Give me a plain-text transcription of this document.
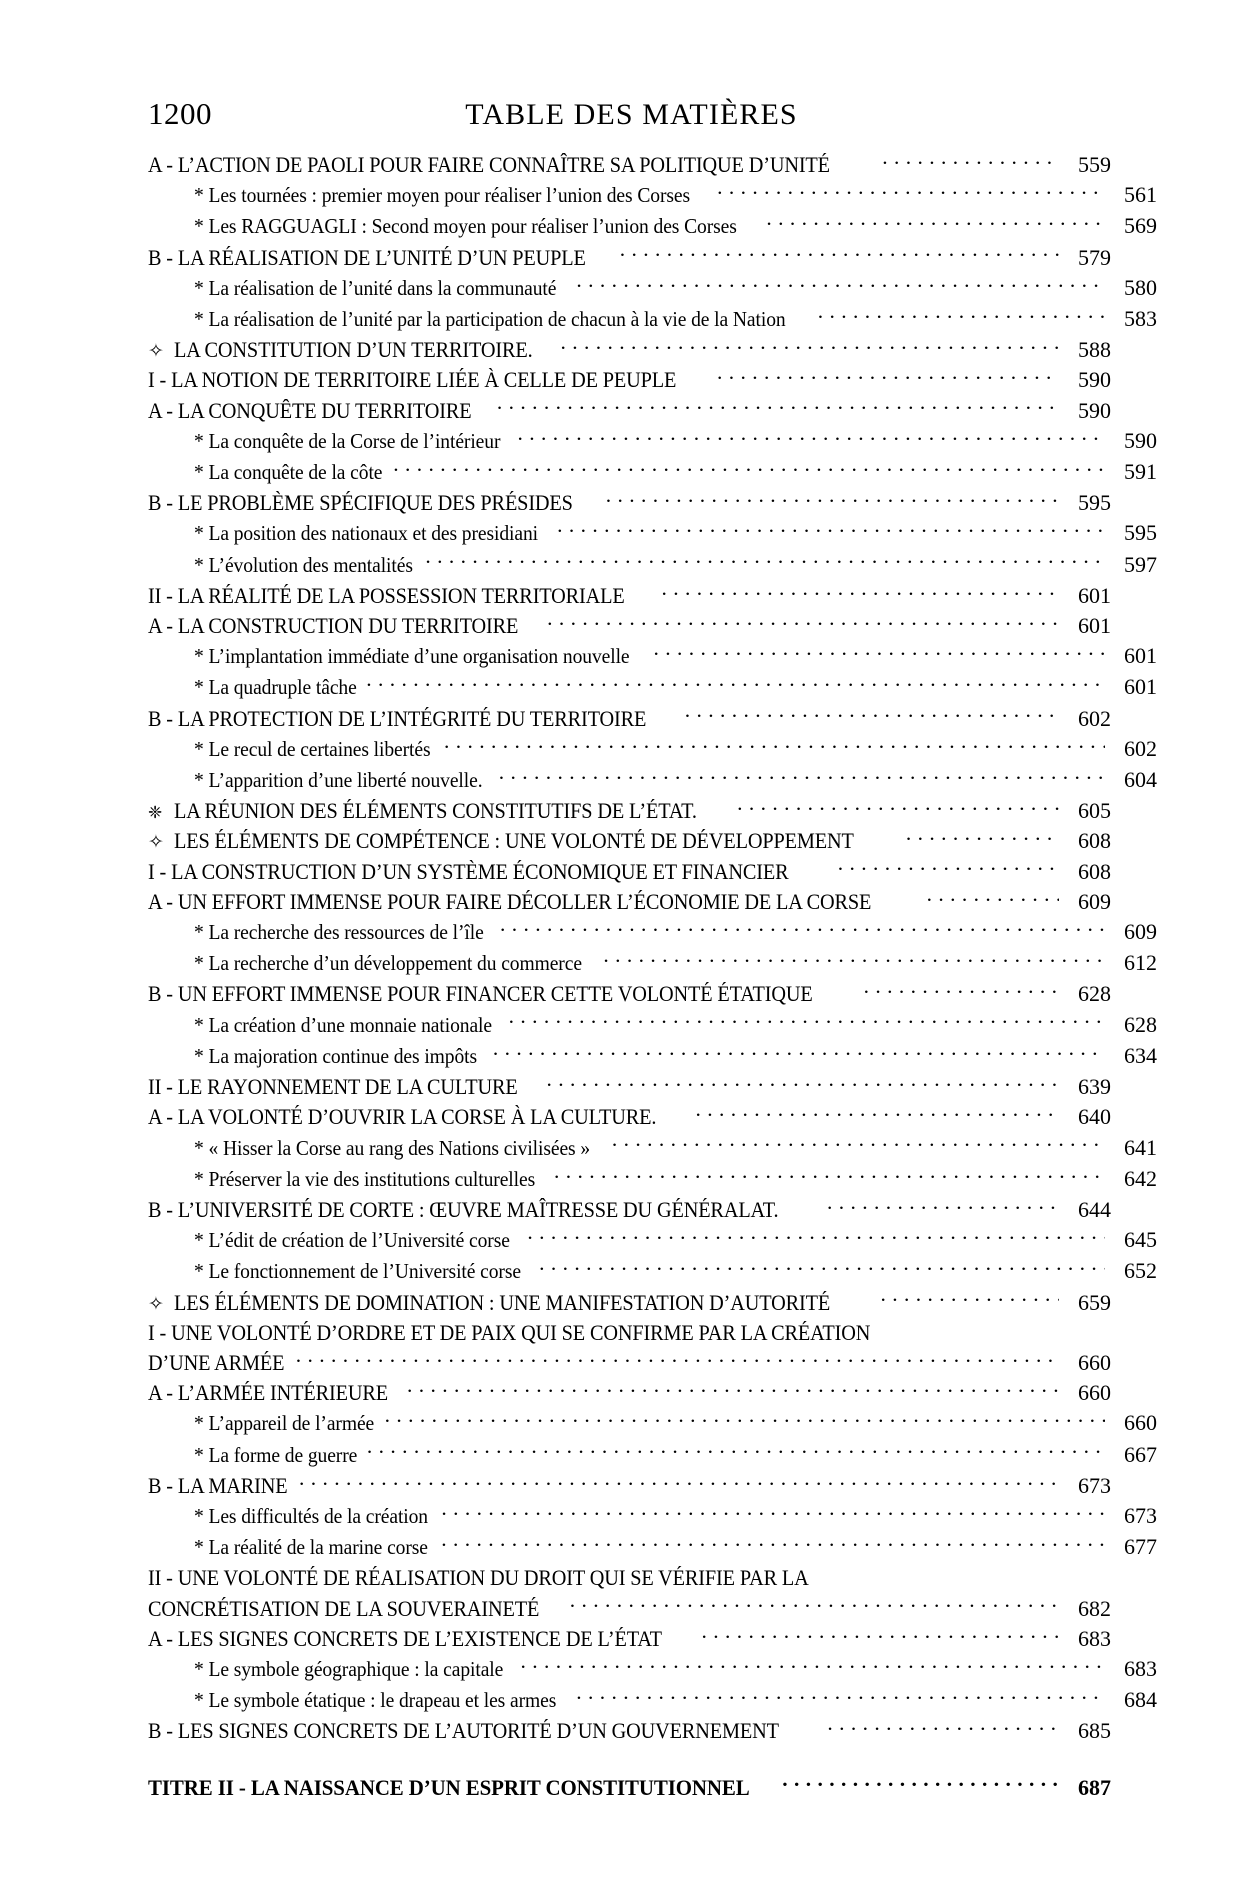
1200	TABLE DES MATIÈRES
A - L’ACTION DE PAOLI POUR FAIRE CONNAÎTRE SA POLITIQUE D’UNITÉ . . .	559
* Les tournées : premier moyen pour réaliser l’union des Corses . . .	561
* Les RAGGUAGLI : Second moyen pour réaliser l’union des Corses . . .	569
B - LA RÉALISATION DE L’UNITÉ D’UN PEUPLE . . .	579
* La réalisation de l’unité dans la communauté . . .	580
* La réalisation de l’unité par la participation de chacun à la vie de la Nation . . .	583
✧ LA CONSTITUTION D’UN TERRITOIRE. . . .	588
I - LA NOTION DE TERRITOIRE LIÉE À CELLE DE PEUPLE . . .	590
A - LA CONQUÊTE DU TERRITOIRE . . .	590
* La conquête de la Corse de l’intérieur . . .	590
* La conquête de la côte . . .	591
B - LE PROBLÈME SPÉCIFIQUE DES PRÉSIDES . . .	595
* La position des nationaux et des presidiani . . .	595
* L’évolution des mentalités . . .	597
II - LA RÉALITÉ DE LA POSSESSION TERRITORIALE . . .	601
A - LA CONSTRUCTION DU TERRITOIRE . . .	601
* L’implantation immédiate d’une organisation nouvelle . . .	601
* La quadruple tâche . . .	601
B - LA PROTECTION DE L’INTÉGRITÉ DU TERRITOIRE . . .	602
* Le recul de certaines libertés . . .	602
* L’apparition d’une liberté nouvelle. . . .	604
❈ LA RÉUNION DES ÉLÉMENTS CONSTITUTIFS DE L’ÉTAT. . . .	605
✧ LES ÉLÉMENTS DE COMPÉTENCE : UNE VOLONTÉ DE DÉVELOPPEMENT . . .	608
I - LA CONSTRUCTION D’UN SYSTÈME ÉCONOMIQUE ET FINANCIER . . .	608
A - UN EFFORT IMMENSE POUR FAIRE DÉCOLLER L’ÉCONOMIE DE LA CORSE . . .	609
* La recherche des ressources de l’île . . .	609
* La recherche d’un développement du commerce . . .	612
B - UN EFFORT IMMENSE POUR FINANCER CETTE VOLONTÉ ÉTATIQUE . . .	628
* La création d’une monnaie nationale . . .	628
* La majoration continue des impôts . . .	634
II - LE RAYONNEMENT DE LA CULTURE . . .	639
A - LA VOLONTÉ D’OUVRIR LA CORSE À LA CULTURE. . . .	640
* « Hisser la Corse au rang des Nations civilisées » . . .	641
* Préserver la vie des institutions culturelles . . .	642
B - L’UNIVERSITÉ DE CORTE : ŒUVRE MAÎTRESSE DU GÉNÉRALAT. . . .	644
* L’édit de création de l’Université corse . . .	645
* Le fonctionnement de l’Université corse . . .	652
✧ LES ÉLÉMENTS DE DOMINATION : UNE MANIFESTATION D’AUTORITÉ . . .	659
I - UNE VOLONTÉ D’ORDRE ET DE PAIX QUI SE CONFIRME PAR LA CRÉATION
D’UNE ARMÉE . . .	660
A - L’ARMÉE INTÉRIEURE . . .	660
* L’appareil de l’armée . . .	660
* La forme de guerre . . .	667
B - LA MARINE . . .	673
* Les difficultés de la création . . .	673
* La réalité de la marine corse . . .	677
II - UNE VOLONTÉ DE RÉALISATION DU DROIT QUI SE VÉRIFIE PAR LA
CONCRÉTISATION DE LA SOUVERAINETÉ . . .	682
A - LES SIGNES CONCRETS DE L’EXISTENCE DE L’ÉTAT . . .	683
* Le symbole géographique : la capitale . . .	683
* Le symbole étatique : le drapeau et les armes . . .	684
B - LES SIGNES CONCRETS DE L’AUTORITÉ D’UN GOUVERNEMENT . . .	685
TITRE II - LA NAISSANCE D’UN ESPRIT CONSTITUTIONNEL . . .	687
